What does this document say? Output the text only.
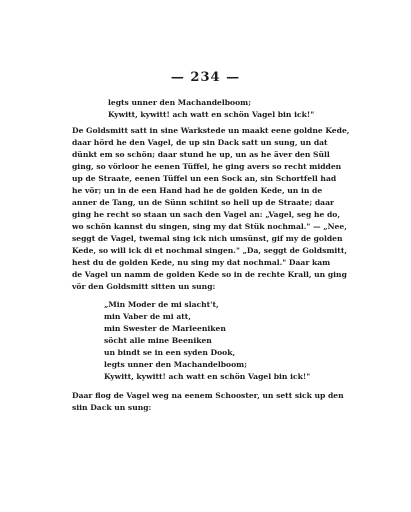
— 234 —
legts unner den Machandelboom;
Kywitt, kywitt! ach watt en schön Vagel bin ick!"
De Goldsmitt satt in sine Warkstede un maakt eene goldne Kede,
daar hörd he den Vagel, de up sin Dack satt un sung, un dat
dünkt em so schön; daar stund he up, un as he äver den Süll
ging, so vörloor he eenen Tüffel, he ging avers so recht midden
up de Straate, eenen Tüffel un een Sock an, sin Schortfell had
he vör; un in de een Hand had he de golden Kede, un in de
anner de Tang, un de Sünn schiint so hell up de Straate; daar
ging he recht so staan un sach den Vagel an: „Vagel, seg he do,
wo schön kannst du singen, sing my dat Stük nochmal." — „Nee,
seggt de Vagel, twemal sing ick nich umsünst, gif my de golden
Kede, so will ick di et nochmal singen." „Da, seggt de Goldsmitt,
hest du de golden Kede, nu sing my dat nochmal." Daar kam
de Vagel un namm de golden Kede so in de rechte Krall, un ging
vör den Goldsmitt sitten un sung:
„Min Moder de mi slacht't,
min Vaber de mi att,
min Swester de Marleeniken
söcht alle mine Beeniken
un bindt se in een syden Dook,
legts unner den Machandelboom;
Kywitt, kywitt! ach watt en schön Vagel bin ick!"
Daar flog de Vagel weg na eenem Schooster, un sett sick up den
siin Dack un sung:
